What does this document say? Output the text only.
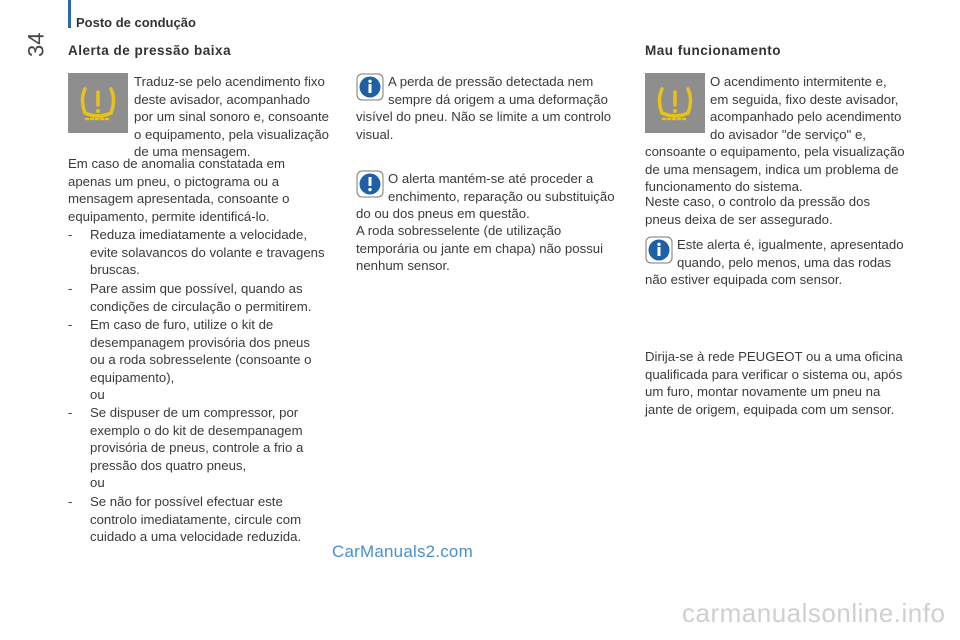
Posto de condução
34 Alerta de pressão baixa

Traduz-se pelo acendimento fixo

deste avisador, acompanhado

por um sinal sonoro e, consoante

o equipamento, pela visualização

de uma mensagem.

Em caso de anomalia constatada em

apenas um pneu, o pictograma ou a

mensagem apresentada, consoante o

equipamento, permite identificá-lo.

- Reduza imediatamente a velocidade,

evite solavancos do volante e travagens

bruscas.

- Pare assim que possível, quando as

condições de circulação o permitirem.

- Em caso de furo, utilize o kit de

desempanagem provisória dos pneus

ou a roda sobresselente (consoante o

equipamento),

ou

- Se dispuser de um compressor, por

exemplo o do kit de desempanagem

provisória de pneus, controle a frio a

pressão dos quatro pneus,

ou

- Se não for possível efectuar este

controlo imediatamente, circule com

cuidado a uma velocidade reduzida.

A perda de pressão detectada nem

sempre dá origem a uma deformação

visível do pneu. Não se limite a um controlo

visual.

O alerta mantém-se até proceder a

enchimento, reparação ou substituição

do ou dos pneus em questão.

A roda sobresselente (de utilização

temporária ou jante em chapa) não possui

nenhum sensor.

Mau funcionamento

O acendimento intermitente e,

em seguida, fixo deste avisador,

acompanhado pelo acendimento

do avisador "de serviço" e,

consoante o equipamento, pela visualização

de uma mensagem, indica um problema de

funcionamento do sistema.

Neste caso, o controlo da pressão dos

pneus deixa de ser assegurado.

Este alerta é, igualmente, apresentado

quando, pelo menos, uma das rodas

não estiver equipada com sensor.

Dirija-se à rede PEUGEOT ou a uma oficina

qualificada para verificar o sistema ou, após

um furo, montar novamente um pneu na

jante de origem, equipada com um sensor.

CarManuals2.com
carmanualsonline.info
